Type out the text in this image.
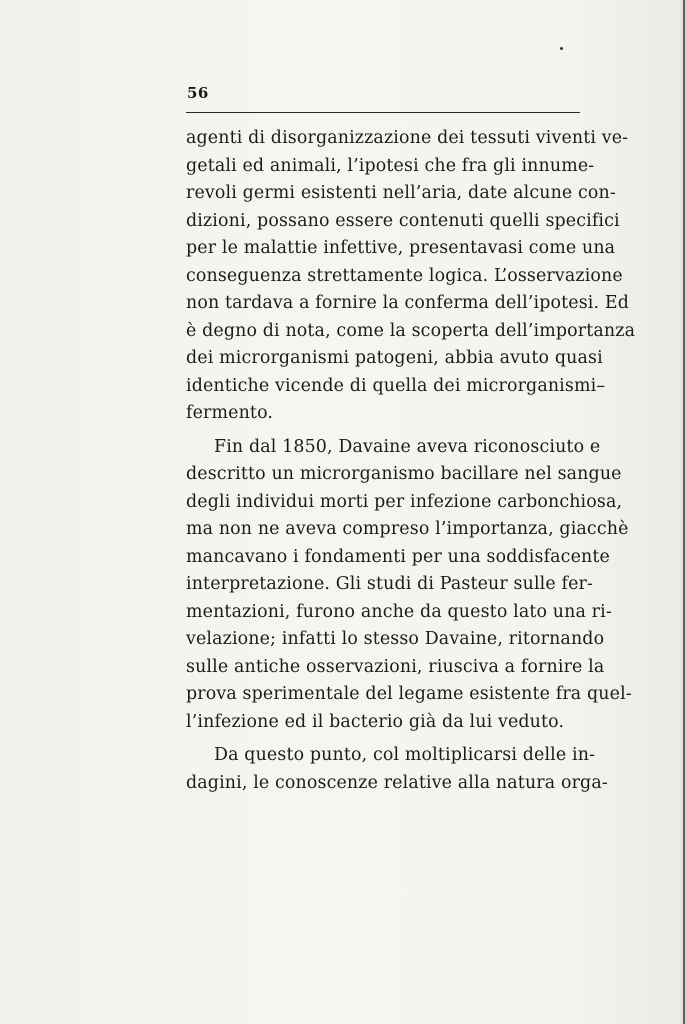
56
agenti di disorganizzazione dei tessuti viventi ve-
getali ed animali, l’ipotesi che fra gli innume-
revoli germi esistenti nell’aria, date alcune con-
dizioni, possano essere contenuti quelli specifici
per le malattie infettive, presentavasi come una
conseguenza strettamente logica. L’osservazione
non tardava a fornire la conferma dell’ipotesi. Ed
è degno di nota, come la scoperta dell’importanza
dei microrganismi patogeni, abbia avuto quasi
identiche vicende di quella dei microrganismi–
fermento.
Fin dal 1850, Davaine aveva riconosciuto e
descritto un microrganismo bacillare nel sangue
degli individui morti per infezione carbonchiosa,
ma non ne aveva compreso l’importanza, giacchè
mancavano i fondamenti per una soddisfacente
interpretazione. Gli studi di Pasteur sulle fer-
mentazioni, furono anche da questo lato una ri-
velazione; infatti lo stesso Davaine, ritornando
sulle antiche osservazioni, riusciva a fornire la
prova sperimentale del legame esistente fra quel-
l’infezione ed il bacterio già da lui veduto.
Da questo punto, col moltiplicarsi delle in-
dagini, le conoscenze relative alla natura orga-
